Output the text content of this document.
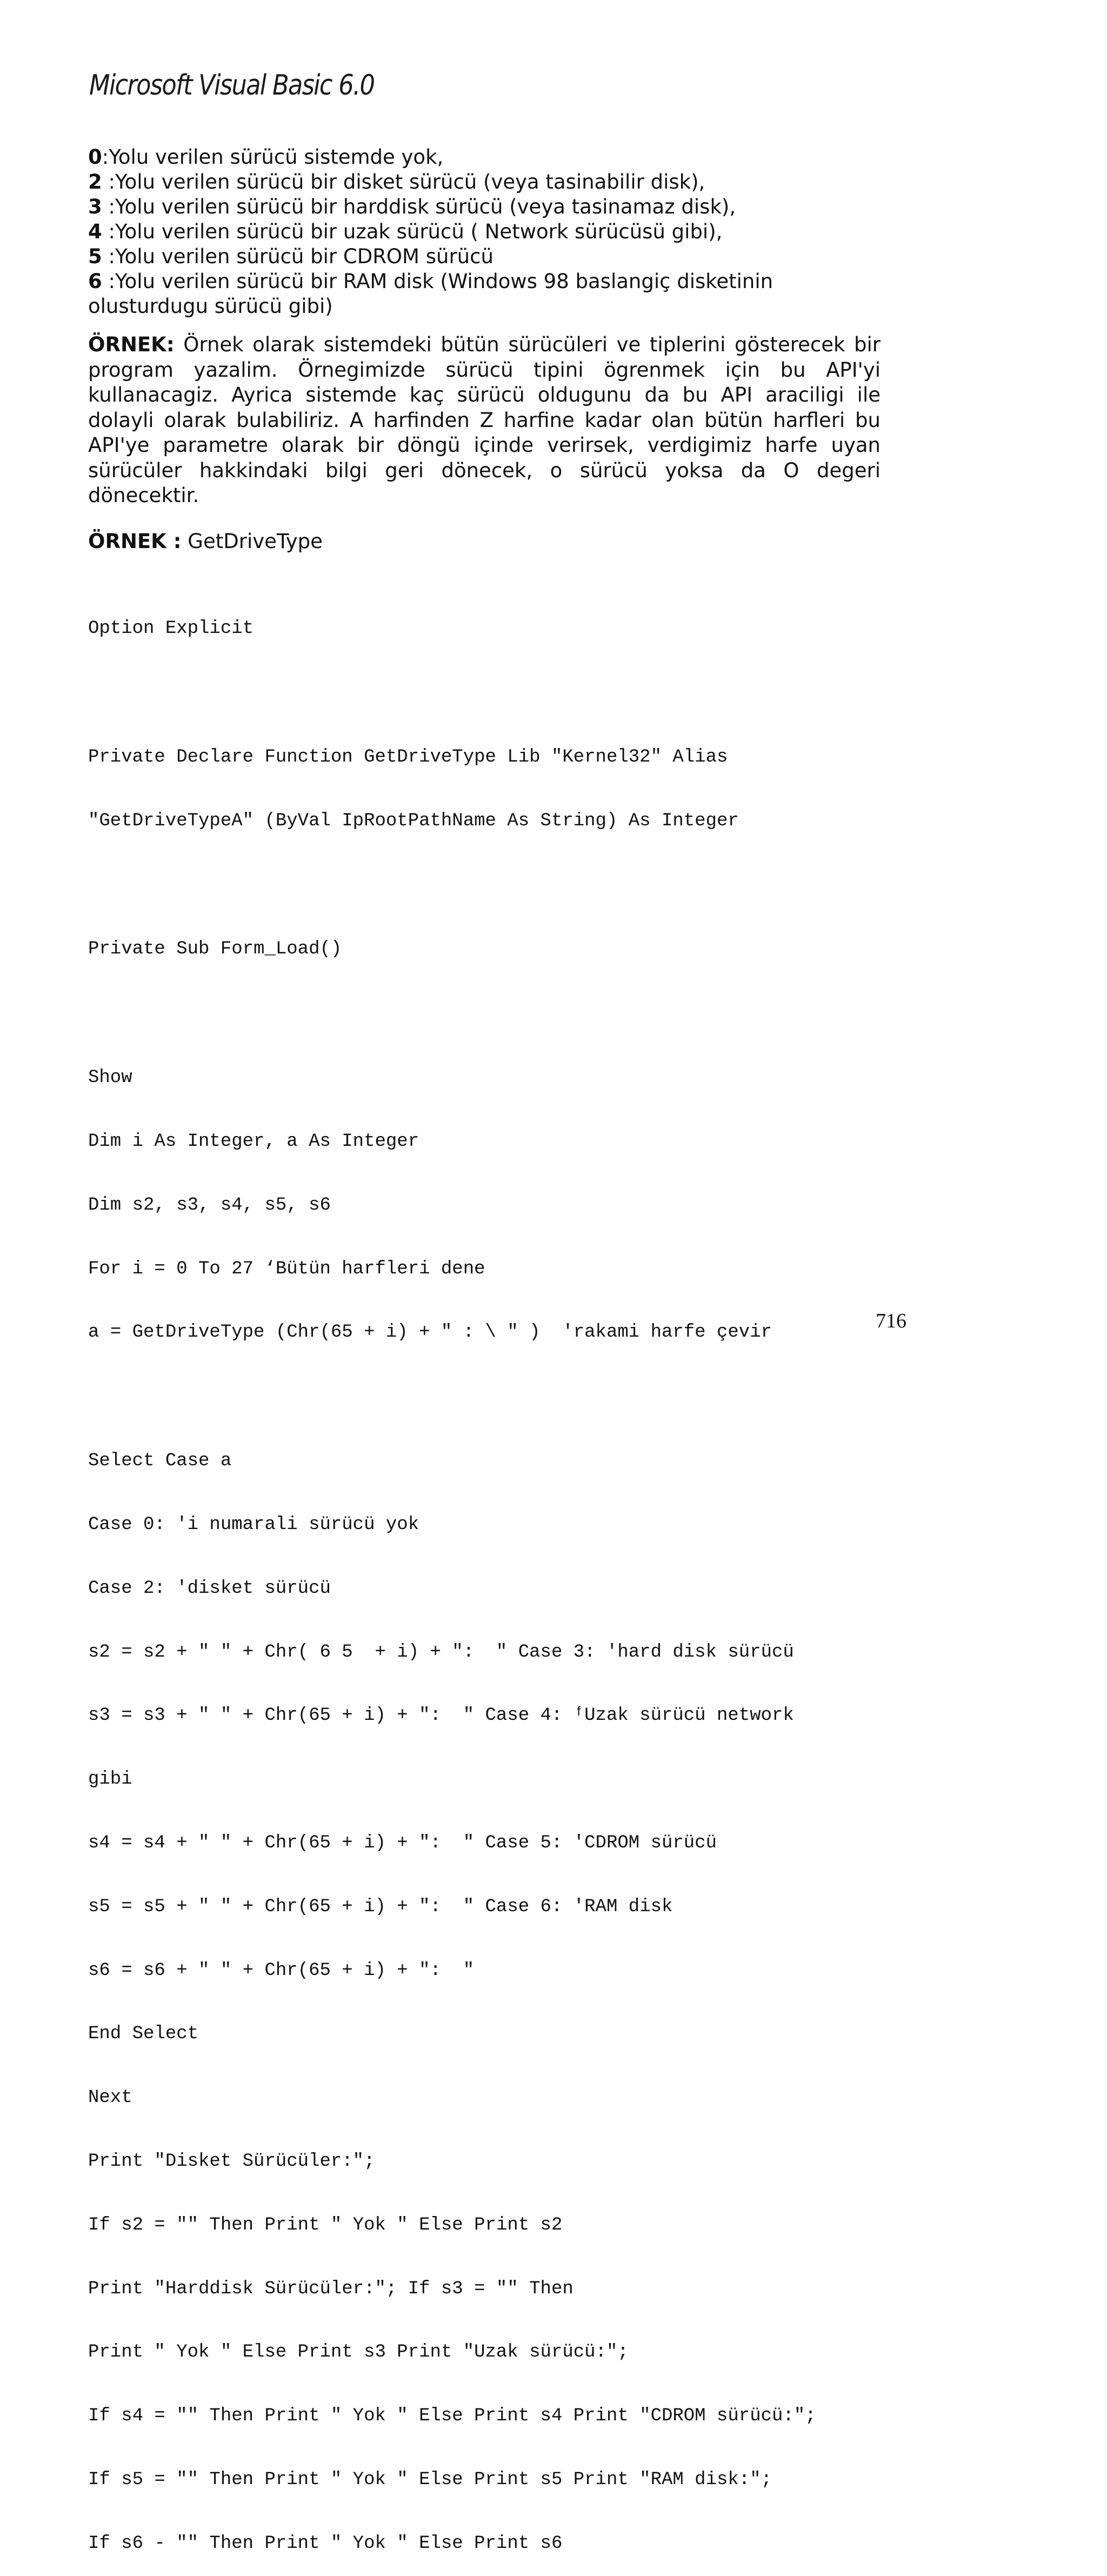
Microsoft Visual Basic 6.0
0:Yolu verilen sürücü sistemde yok,
2 :Yolu verilen sürücü bir disket sürücü (veya tasinabilir disk),
3 :Yolu verilen sürücü bir harddisk sürücü (veya tasinamaz disk),
4 :Yolu verilen sürücü bir uzak sürücü ( Network sürücüsü gibi),
5 :Yolu verilen sürücü bir CDROM sürücü
6 :Yolu verilen sürücü bir RAM disk (Windows 98 baslangiç disketinin olusturdugu sürücü gibi)

ÖRNEK: Örnek olarak sistemdeki bütün sürücüleri ve tiplerini gösterecek bir program yazalim. Örnegimizde sürücü tipini ögrenmek için bu API'yi kullanacagiz. Ayrica sistemde kaç sürücü oldugunu da bu API araciligi ile dolayli olarak bulabiliriz. A harfinden Z harfine kadar olan bütün harfleri bu API'ye parametre olarak bir döngü içinde verirsek, verdigimiz harfe uyan sürücüler hakkindaki bilgi geri dönecek, o sürücü yoksa da O degeri dönecektir.

ÖRNEK : GetDriveType

Option Explicit

Private Declare Function GetDriveType Lib "Kernel32" Alias

"GetDriveTypeA" (ByVal IpRootPathName As String) As Integer

Private Sub Form_Load()

Show

Dim i As Integer, a As Integer

Dim s2, s3, s4, s5, s6

For i = 0 To 27 ‘Bütün harfleri dene

a = GetDriveType (Chr(65 + i) + " : \ " )  'rakami harfe çevir

Select Case a

Case 0: 'i numarali sürücü yok

Case 2: 'disket sürücü

s2 = s2 + " " + Chr( 6 5  + i) + ":  " Case 3: 'hard disk sürücü

s3 = s3 + " " + Chr(65 + i) + ":  " Case 4: ᶠUzak sürücü network

gibi

s4 = s4 + " " + Chr(65 + i) + ":  " Case 5: 'CDROM sürücü

s5 = s5 + " " + Chr(65 + i) + ":  " Case 6: 'RAM disk

s6 = s6 + " " + Chr(65 + i) + ":  "

End Select

Next

Print "Disket Sürücüler:";

If s2 = "" Then Print " Yok " Else Print s2

Print "Harddisk Sürücüler:"; If s3 = "" Then

Print " Yok " Else Print s3 Print "Uzak sürücü:";

If s4 = "" Then Print " Yok " Else Print s4 Print "CDROM sürücü:";

If s5 = "" Then Print " Yok " Else Print s5 Print "RAM disk:";

If s6 - "" Then Print " Yok " Else Print s6

716
